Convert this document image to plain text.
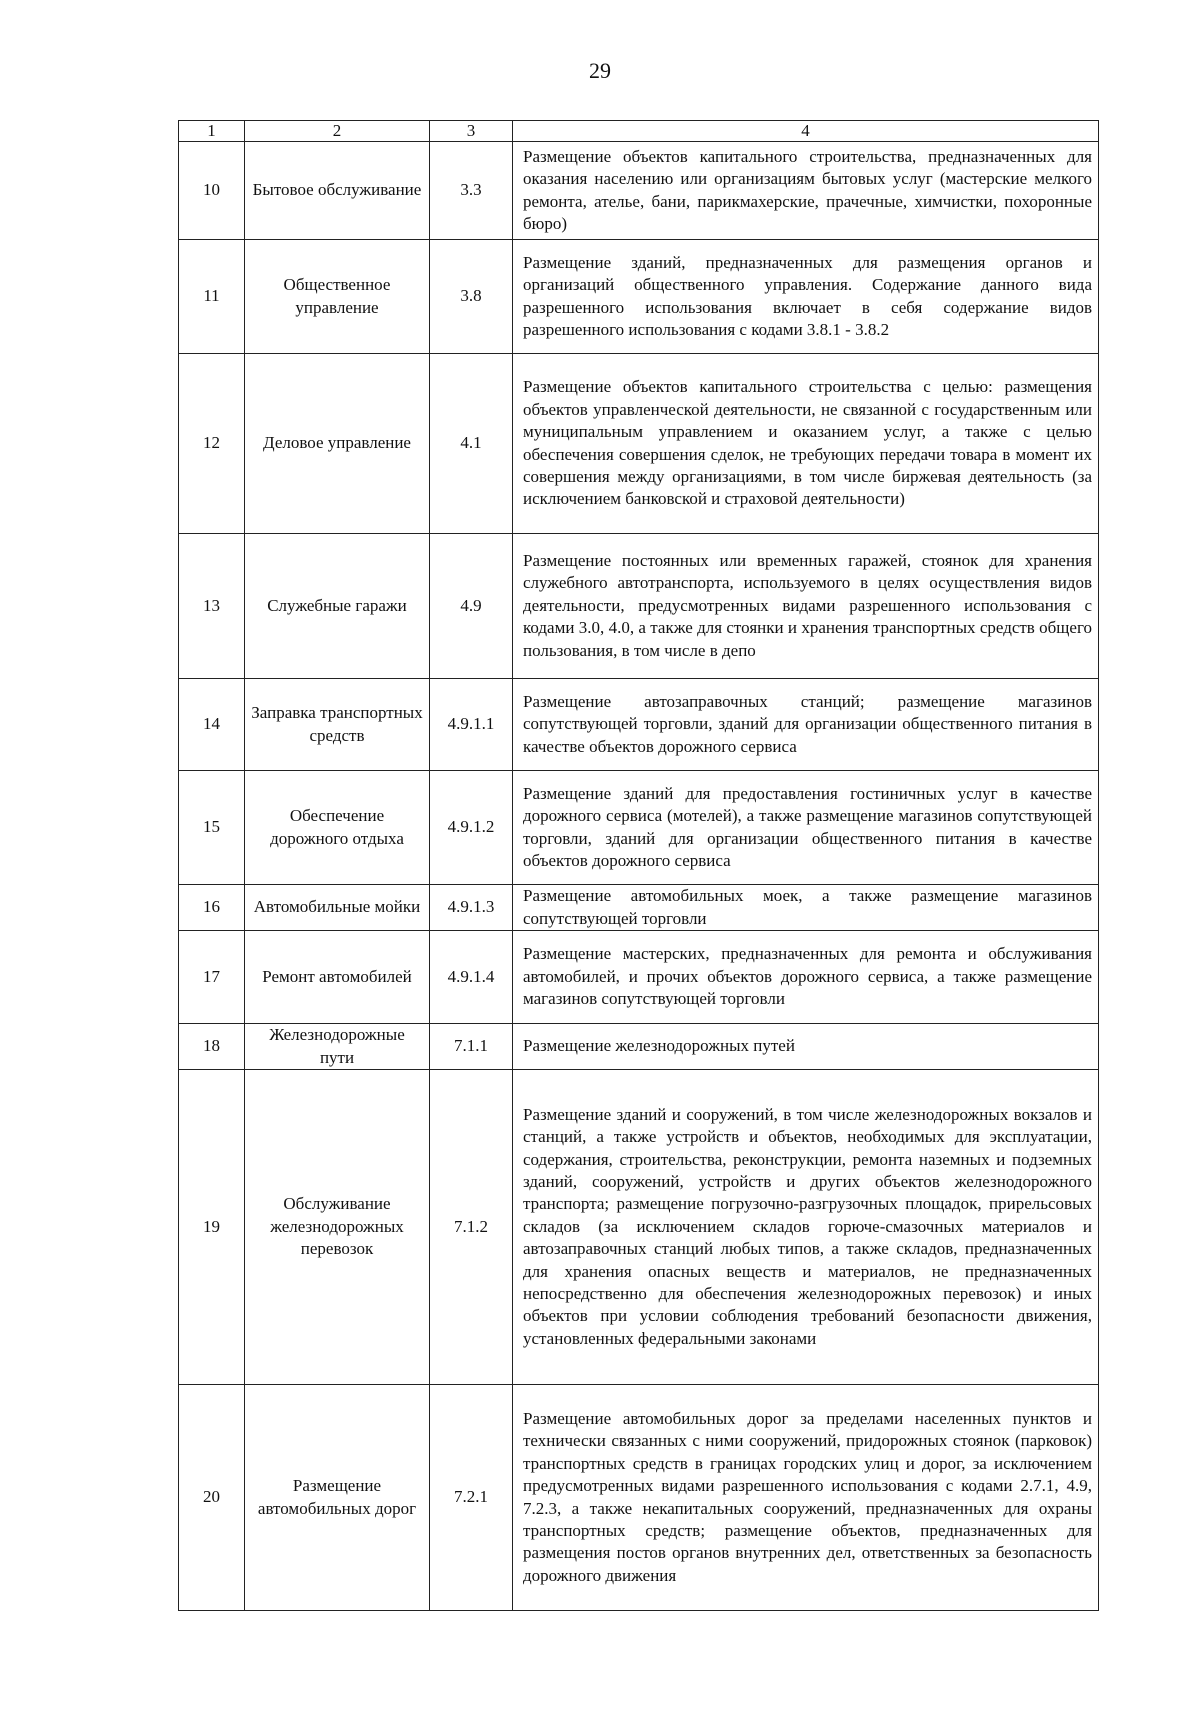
29
1	2	3	4
10	Бытовое обслуживание	3.3	Размещение объектов капитального строительства, предназначенных для оказания населению или организациям бытовых услуг (мастерские мелкого ремонта, ателье, бани, парикмахерские, прачечные, химчистки, похоронные бюро)
11	Общественное управление	3.8	Размещение зданий, предназначенных для размещения органов и организаций общественного управления. Содержание данного вида разрешенного использования включает в себя содержание видов разрешенного использования с кодами 3.8.1 - 3.8.2
12	Деловое управление	4.1	Размещение объектов капитального строительства с целью: размещения объектов управленческой деятельности, не связанной с государственным или муниципальным управлением и оказанием услуг, а также с целью обеспечения совершения сделок, не требующих передачи товара в момент их совершения между организациями, в том числе биржевая деятельность (за исключением банковской и страховой деятельности)
13	Служебные гаражи	4.9	Размещение постоянных или временных гаражей, стоянок для хранения служебного автотранспорта, используемого в целях осуществления видов деятельности, предусмотренных видами разрешенного использования с кодами 3.0, 4.0, а также для стоянки и хранения транспортных средств общего пользования, в том числе в депо
14	Заправка транспортных средств	4.9.1.1	Размещение автозаправочных станций; размещение магазинов сопутствующей торговли, зданий для организации общественного питания в качестве объектов дорожного сервиса
15	Обеспечение дорожного отдыха	4.9.1.2	Размещение зданий для предоставления гостиничных услуг в качестве дорожного сервиса (мотелей), а также размещение магазинов сопутствующей торговли, зданий для организации общественного питания в качестве объектов дорожного сервиса
16	Автомобильные мойки	4.9.1.3	Размещение автомобильных моек, а также размещение магазинов сопутствующей торговли
17	Ремонт автомобилей	4.9.1.4	Размещение мастерских, предназначенных для ремонта и обслуживания автомобилей, и прочих объектов дорожного сервиса, а также размещение магазинов сопутствующей торговли
18	Железнодорожные пути	7.1.1	Размещение железнодорожных путей
19	Обслуживание железнодорожных перевозок	7.1.2	Размещение зданий и сооружений, в том числе железнодорожных вокзалов и станций, а также устройств и объектов, необходимых для эксплуатации, содержания, строительства, реконструкции, ремонта наземных и подземных зданий, сооружений, устройств и других объектов железнодорожного транспорта; размещение погрузочно-разгрузочных площадок, прирельсовых складов (за исключением складов горюче-смазочных материалов и автозаправочных станций любых типов, а также складов, предназначенных для хранения опасных веществ и материалов, не предназначенных непосредственно для обеспечения железнодорожных перевозок) и иных объектов при условии соблюдения требований безопасности движения, установленных федеральными законами
20	Размещение автомобильных дорог	7.2.1	Размещение автомобильных дорог за пределами населенных пунктов и технически связанных с ними сооружений, придорожных стоянок (парковок) транспортных средств в границах городских улиц и дорог, за исключением предусмотренных видами разрешенного использования с кодами 2.7.1, 4.9, 7.2.3, а также некапитальных сооружений, предназначенных для охраны транспортных средств; размещение объектов, предназначенных для размещения постов органов внутренних дел, ответственных за безопасность дорожного движения
